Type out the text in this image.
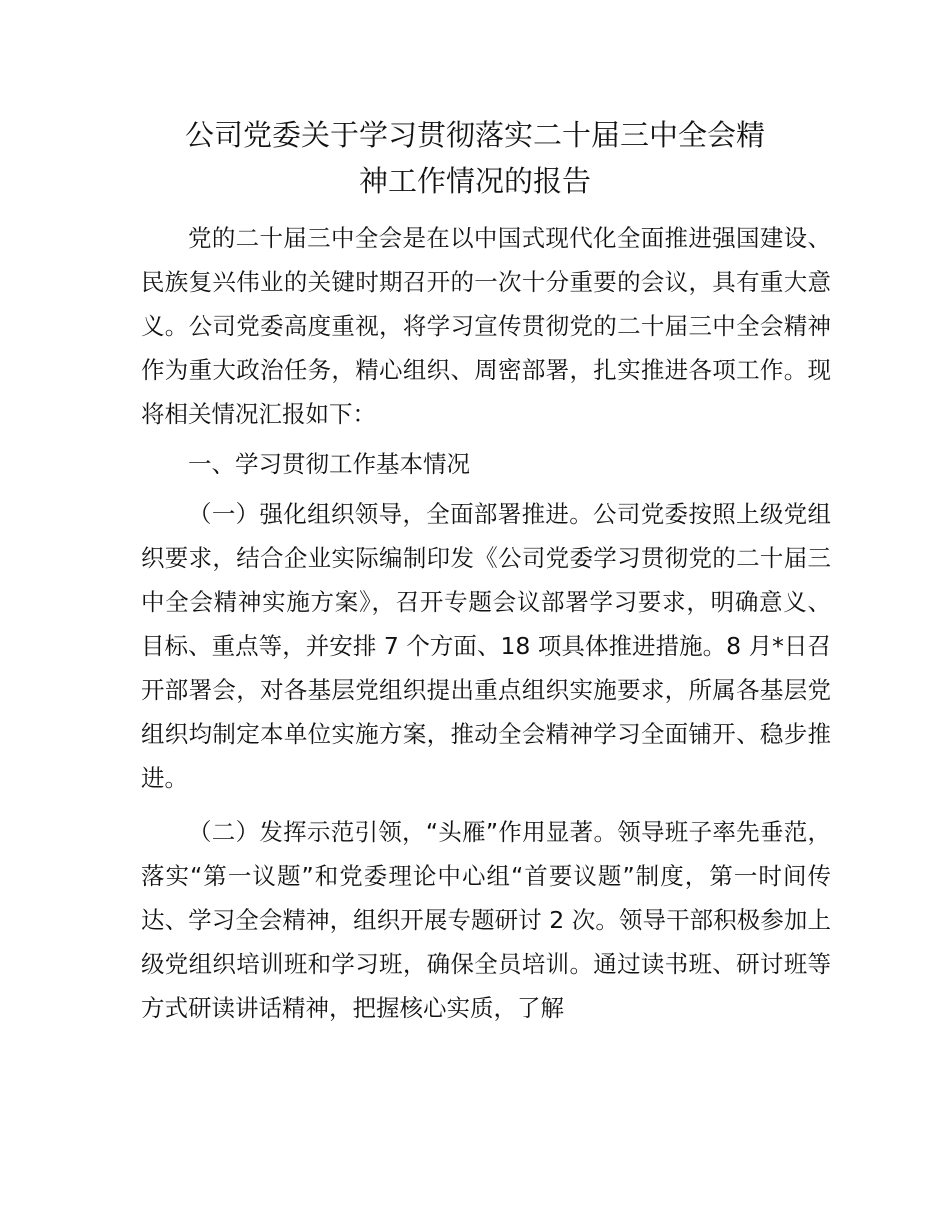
公司党委关于学习贯彻落实二十届三中全会精
神工作情况的报告

党的二十届三中全会是在以中国式现代化全面推进强国建设、民族复兴伟业的关键时期召开的一次十分重要的会议，具有重大意义。公司党委高度重视，将学习宣传贯彻党的二十届三中全会精神作为重大政治任务，精心组织、周密部署，扎实推进各项工作。现将相关情况汇报如下：

一、学习贯彻工作基本情况

（一）强化组织领导，全面部署推进。公司党委按照上级党组织要求，结合企业实际编制印发《公司党委学习贯彻党的二十届三中全会精神实施方案》，召开专题会议部署学习要求，明确意义、目标、重点等，并安排 7 个方面、18 项具体推进措施。8 月*日召开部署会，对各基层党组织提出重点组织实施要求，所属各基层党组织均制定本单位实施方案，推动全会精神学习全面铺开、稳步推进。

（二）发挥示范引领，“头雁”作用显著。领导班子率先垂范，落实“第一议题”和党委理论中心组“首要议题”制度，第一时间传达、学习全会精神，组织开展专题研讨 2 次。领导干部积极参加上级党组织培训班和学习班，确保全员培训。通过读书班、研讨班等方式研读讲话精神，把握核心实质，了解
